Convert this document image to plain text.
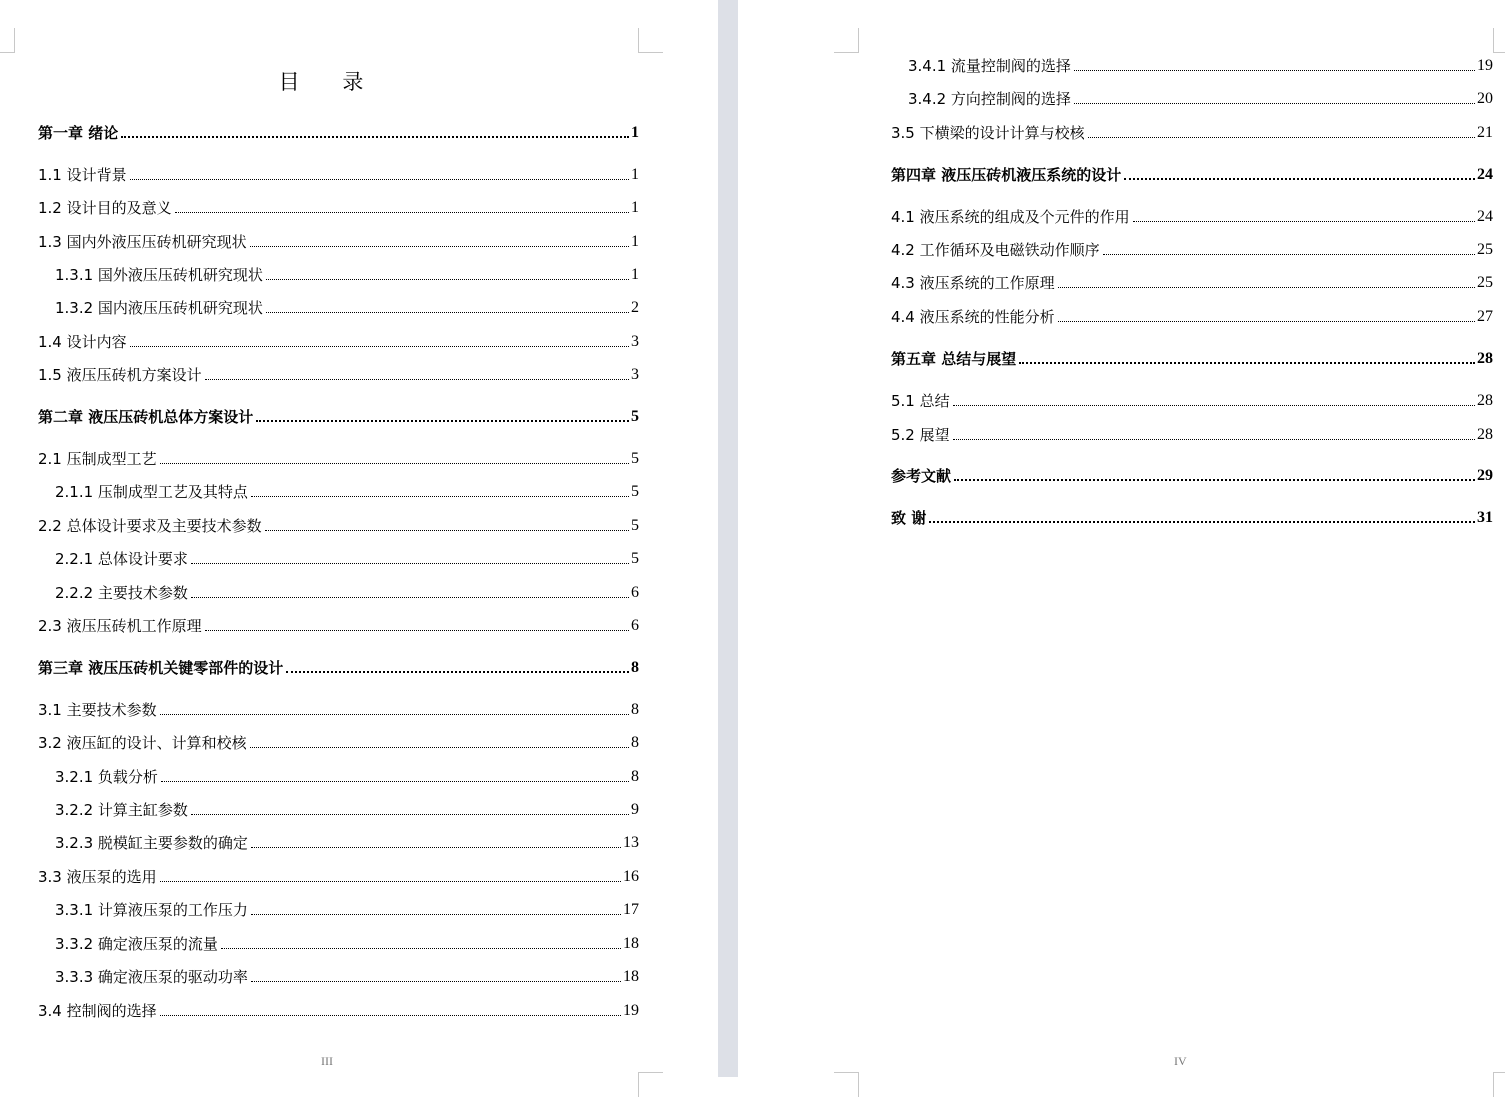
目 录
第一章 绪论	1
1.1 设计背景	1
1.2 设计目的及意义	1
1.3 国内外液压压砖机研究现状	1
1.3.1 国外液压压砖机研究现状	1
1.3.2 国内液压压砖机研究现状	2
1.4 设计内容	3
1.5 液压压砖机方案设计	3
第二章 液压压砖机总体方案设计	5
2.1 压制成型工艺	5
2.1.1 压制成型工艺及其特点	5
2.2 总体设计要求及主要技术参数	5
2.2.1 总体设计要求	5
2.2.2 主要技术参数	6
2.3 液压压砖机工作原理	6
第三章 液压压砖机关键零部件的设计	8
3.1 主要技术参数	8
3.2 液压缸的设计、计算和校核	8
3.2.1 负载分析	8
3.2.2 计算主缸参数	9
3.2.3 脱模缸主要参数的确定	13
3.3 液压泵的选用	16
3.3.1 计算液压泵的工作压力	17
3.3.2 确定液压泵的流量	18
3.3.3 确定液压泵的驱动功率	18
3.4 控制阀的选择	19
III
3.4.1 流量控制阀的选择	19
3.4.2 方向控制阀的选择	20
3.5 下横梁的设计计算与校核	21
第四章 液压压砖机液压系统的设计	24
4.1 液压系统的组成及个元件的作用	24
4.2 工作循环及电磁铁动作顺序	25
4.3 液压系统的工作原理	25
4.4 液压系统的性能分析	27
第五章 总结与展望	28
5.1 总结	28
5.2 展望	28
参考文献	29
致 谢	31
IV
